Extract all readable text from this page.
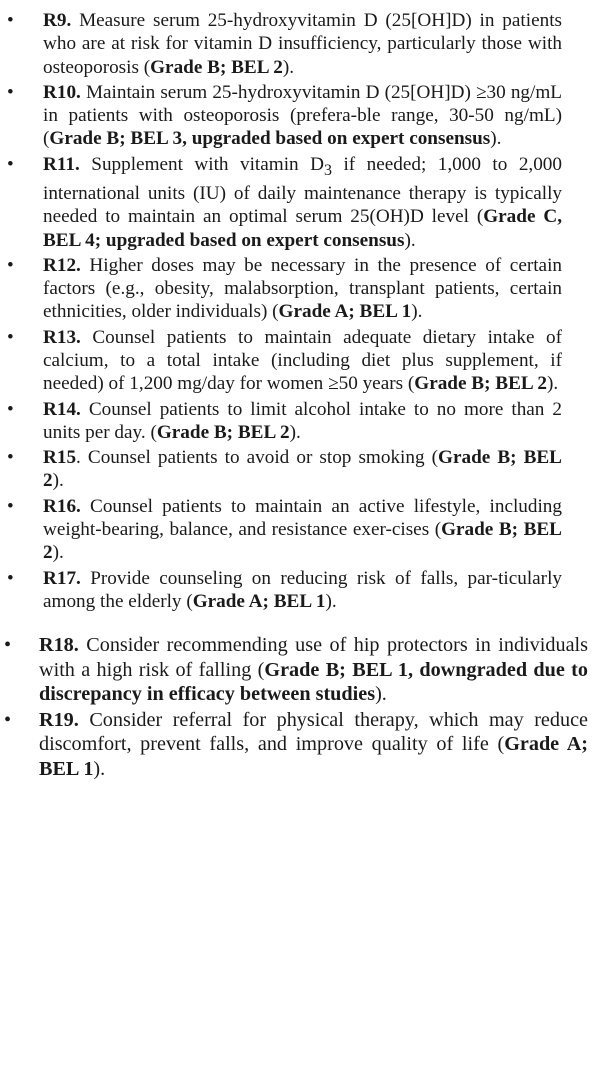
• R9. Measure serum 25-hydroxyvitamin D (25[OH]D) in patients who are at risk for vitamin D insufficiency, particularly those with osteoporosis (Grade B; BEL 2).
• R10. Maintain serum 25-hydroxyvitamin D (25[OH]D) ≥30 ng/mL in patients with osteoporosis (prefera-ble range, 30-50 ng/mL) (Grade B; BEL 3, upgraded based on expert consensus).
• R11. Supplement with vitamin $D_3$ if needed; 1,000 to 2,000 international units (IU) of daily maintenance therapy is typically needed to maintain an optimal serum 25(OH)D level (Grade C, BEL 4; upgraded based on expert consensus).
• R12. Higher doses may be necessary in the presence of certain factors (e.g., obesity, malabsorption, transplant patients, certain ethnicities, older individuals) (Grade A; BEL 1).
• R13. Counsel patients to maintain adequate dietary intake of calcium, to a total intake (including diet plus supplement, if needed) of 1,200 mg/day for women ≥50 years (Grade B; BEL 2).
• R14. Counsel patients to limit alcohol intake to no more than 2 units per day. (Grade B; BEL 2).
• R15. Counsel patients to avoid or stop smoking (Grade B; BEL 2).
• R16. Counsel patients to maintain an active lifestyle, including weight-bearing, balance, and resistance exer-cises (Grade B; BEL 2).
• R17. Provide counseling on reducing risk of falls, par-ticularly among the elderly (Grade A; BEL 1).
• R18. Consider recommending use of hip protectors in individuals with a high risk of falling (Grade B; BEL 1, downgraded due to discrepancy in efficacy between studies).
• R19. Consider referral for physical therapy, which may reduce discomfort, prevent falls, and improve quality of life (Grade A; BEL 1).
